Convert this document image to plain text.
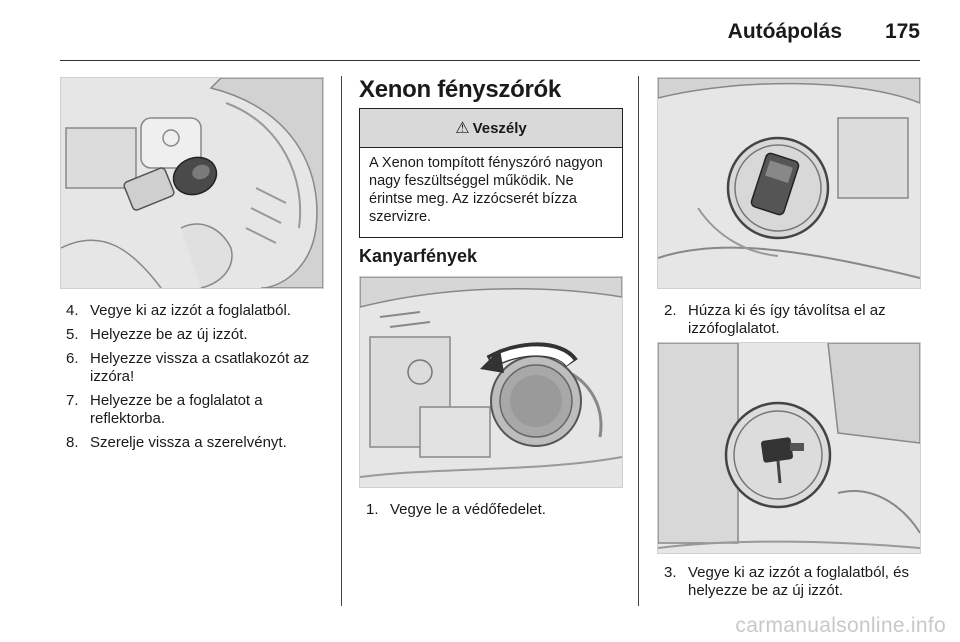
Autóápolás 175
4. Vegye ki az izzót a foglalatból.
5. Helyezze be az új izzót.
6. Helyezze vissza a csatlakozót az izzóra!
7. Helyezze be a foglalatot a reflektorba.
8. Szerelje vissza a szerelvényt.
Xenon fényszórók
⚠ Veszély
A Xenon tompított fényszóró nagyon nagy feszültséggel működik. Ne érintse meg. Az izzócserét bízza szervizre.
Kanyarfények
1. Vegye le a védőfedelet.
2. Húzza ki és így távolítsa el az izzófoglalatot.
3. Vegye ki az izzót a foglalatból, és helyezze be az új izzót.
carmanualsonline.info
